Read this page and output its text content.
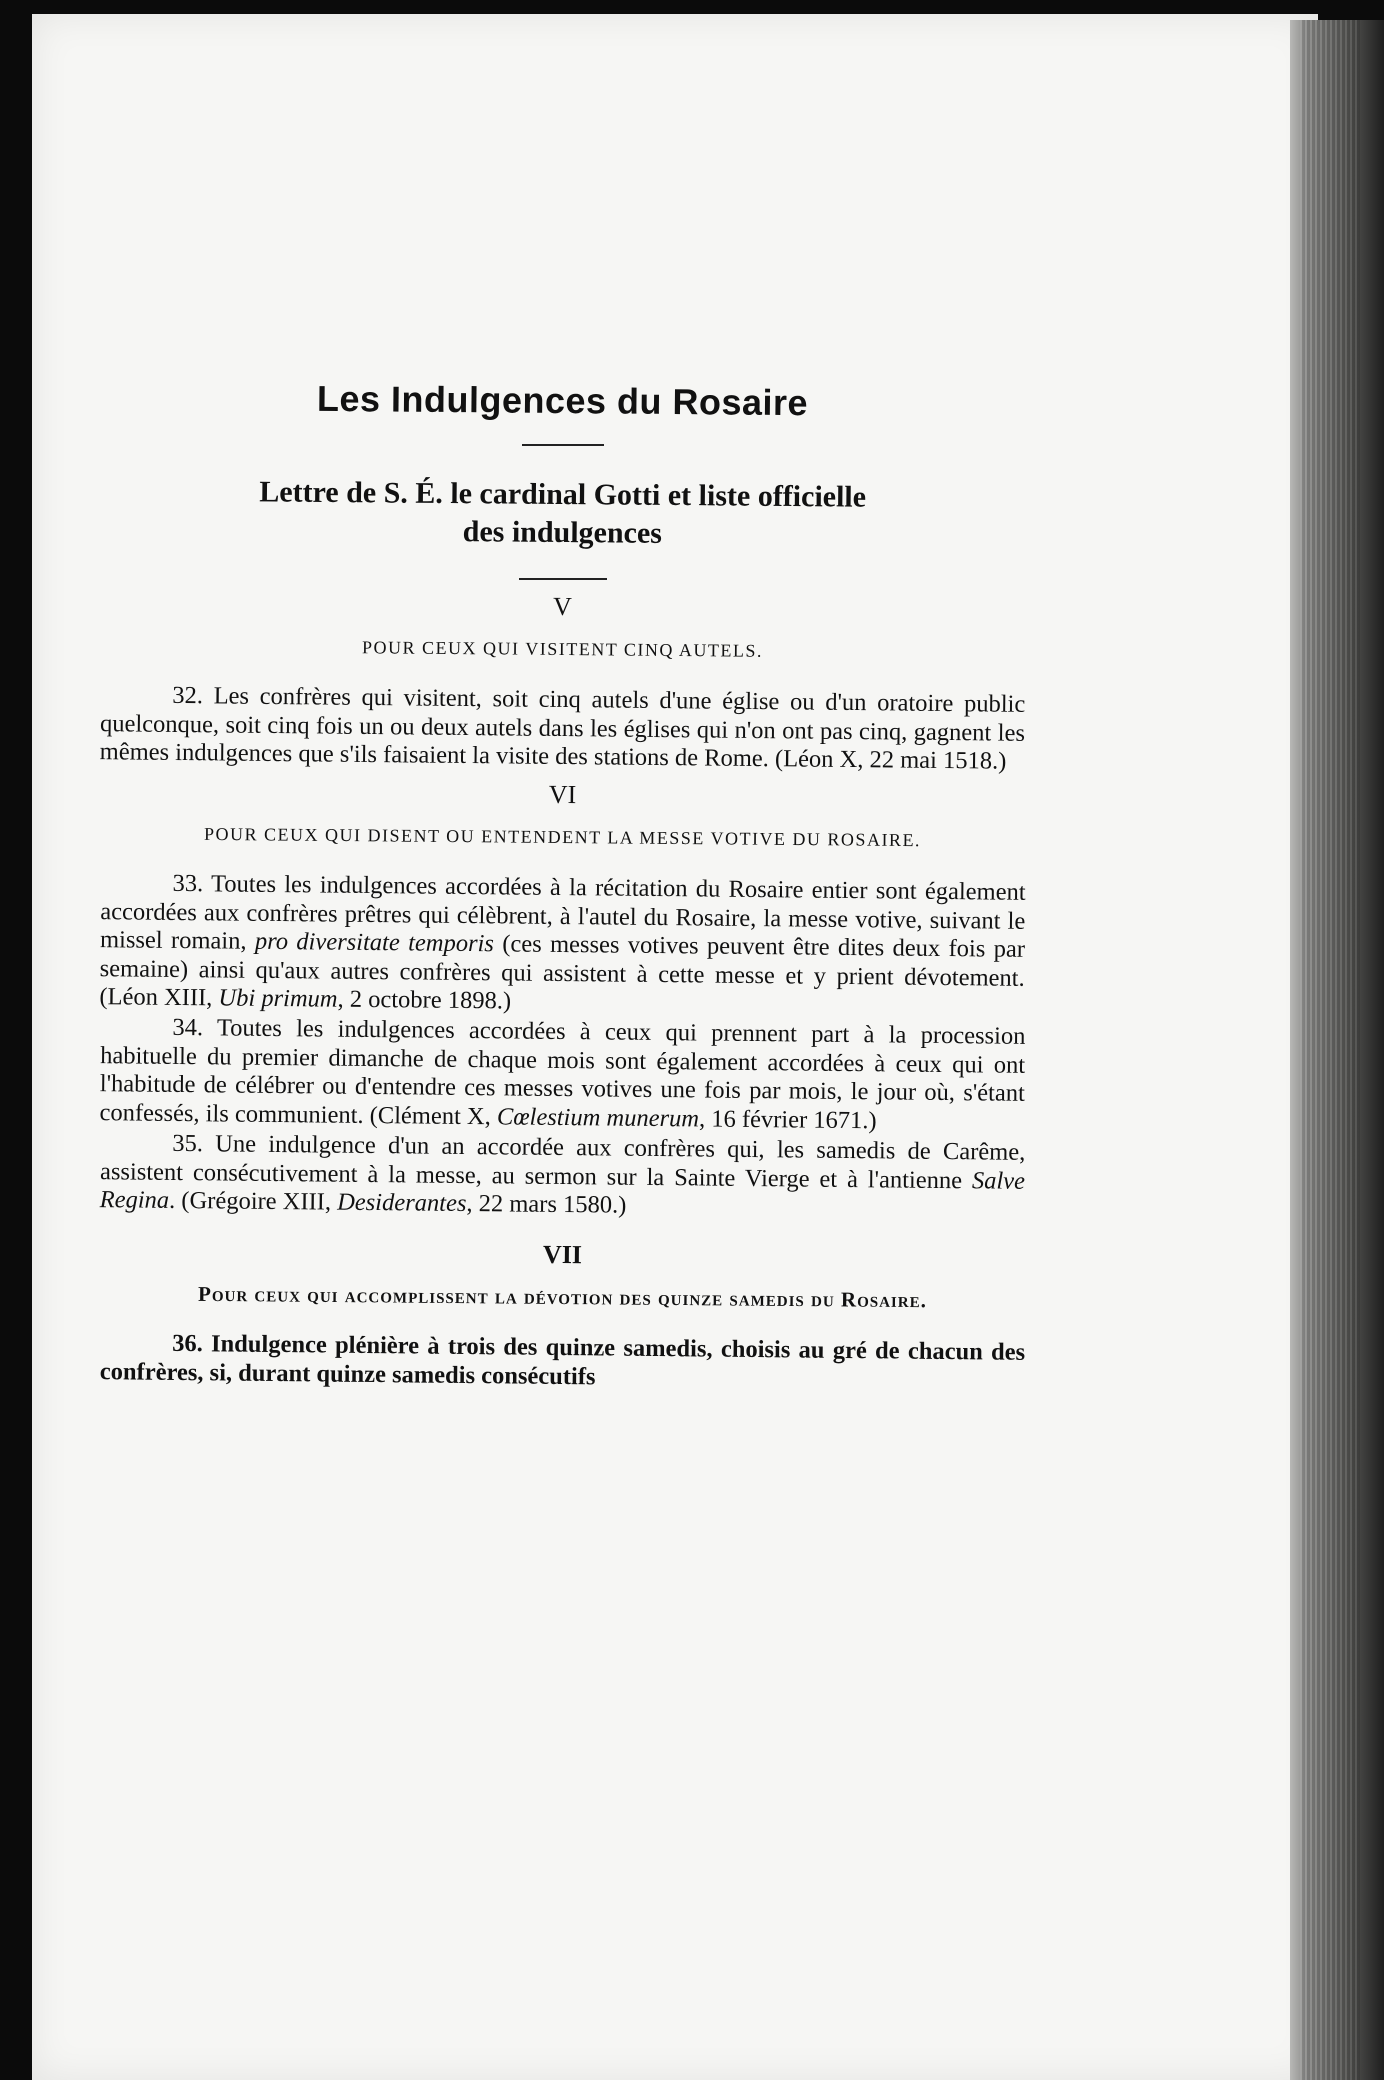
Les Indulgences du Rosaire
Lettre de S. É. le cardinal Gotti et liste officielle
des indulgences
V
POUR CEUX QUI VISITENT CINQ AUTELS.

32. Les confrères qui visitent, soit cinq autels d'une église ou d'un oratoire public quelconque, soit cinq fois un ou deux autels dans les églises qui n'on ont pas cinq, gagnent les mêmes indulgences que s'ils faisaient la visite des stations de Rome. (Léon X, 22 mai 1518.)

VI
POUR CEUX QUI DISENT OU ENTENDENT LA MESSE VOTIVE DU ROSAIRE.

33. Toutes les indulgences accordées à la récitation du Rosaire entier sont également accordées aux confrères prêtres qui célèbrent, à l'autel du Rosaire, la messe votive, suivant le missel romain, pro diversitate temporis (ces messes votives peuvent être dites deux fois par semaine) ainsi qu'aux autres confrères qui assistent à cette messe et y prient dévotement. (Léon XIII, Ubi primum, 2 octobre 1898.)

34. Toutes les indulgences accordées à ceux qui prennent part à la procession habituelle du premier dimanche de chaque mois sont également accordées à ceux qui ont l'habitude de célébrer ou d'entendre ces messes votives une fois par mois, le jour où, s'étant confessés, ils communient. (Clément X, Cœlestium munerum, 16 février 1671.)

35. Une indulgence d'un an accordée aux confrères qui, les samedis de Carême, assistent consécutivement à la messe, au sermon sur la Sainte Vierge et à l'antienne Salve Regina. (Grégoire XIII, Desiderantes, 22 mars 1580.)

VII
Pour ceux qui accomplissent la dévotion des quinze samedis du Rosaire.

36. Indulgence plénière à trois des quinze samedis, choisis au gré de chacun des confrères, si, durant quinze samedis consécutifs
